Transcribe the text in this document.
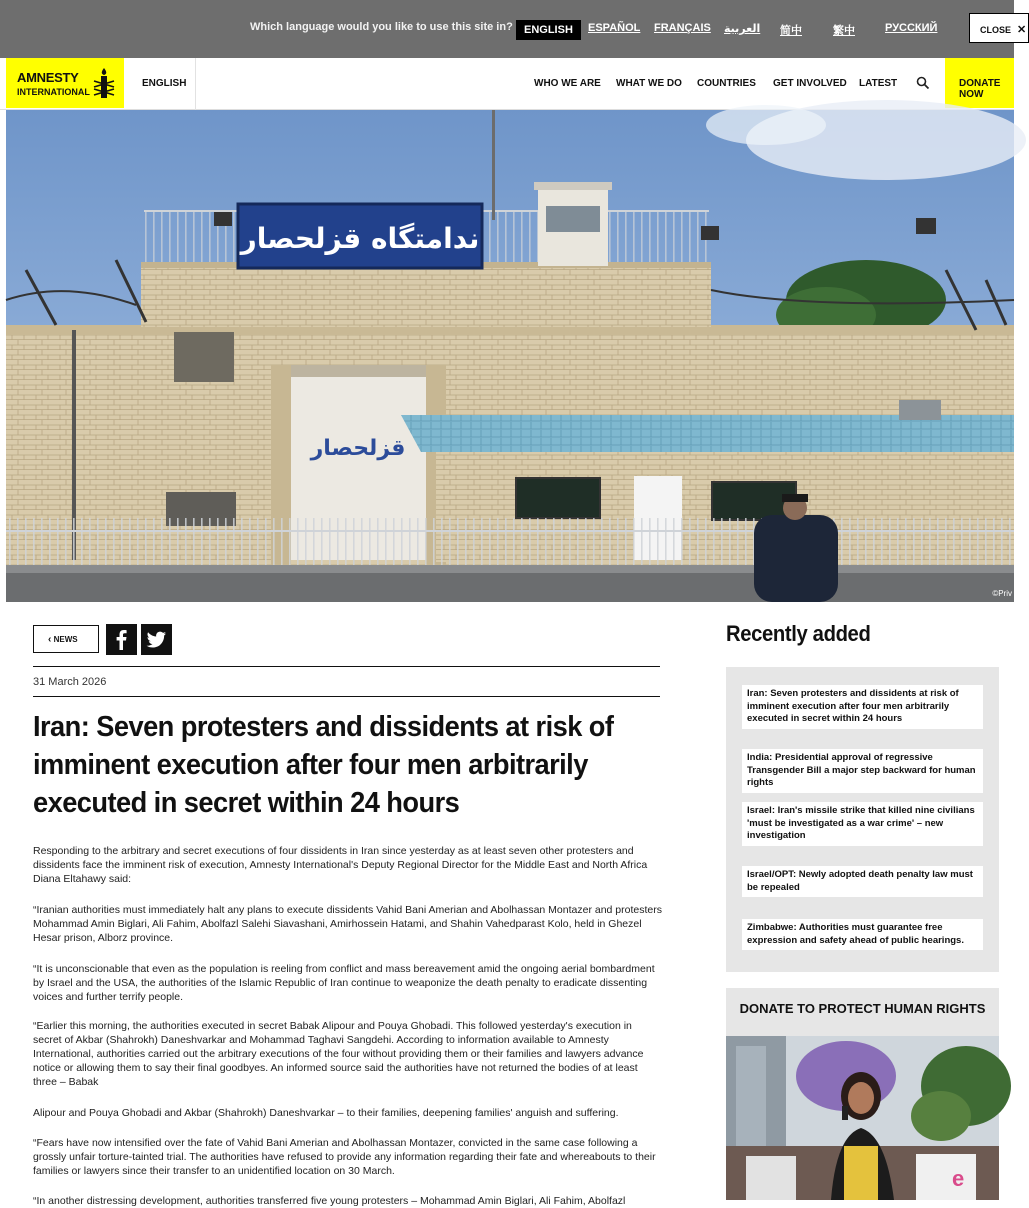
Which language would you like to use this site in?	ENGLISH	ESPAÑOL FRANÇAIS العربية 简中	繁中	РУССКИЙ	CLOSE ✕
AMNESTY
INTERNATIONAL
ENGLISH	WHO WE ARE WHAT WE DO COUNTRIES GET INVOLVED LATEST	DONATE NOW
ندامتگاه قزلحصار
قزلحصار
©Priv
‹ NEWS
31 March 2026
Iran: Seven protesters and dissidents at risk of imminent execution after four men arbitrarily executed in secret within 24 hours

Responding to the arbitrary and secret executions of four dissidents in Iran since yesterday as at least seven other protesters and dissidents face the imminent risk of execution, Amnesty International's Deputy Regional Director for the Middle East and North Africa Diana Eltahawy said:

“Iranian authorities must immediately halt any plans to execute dissidents Vahid Bani Amerian and Abolhassan Montazer and protesters Mohammad Amin Biglari, Ali Fahim, Abolfazl Salehi Siavashani, Amirhossein Hatami, and Shahin Vahedparast Kolo, held in Ghezel Hesar prison, Alborz province.

“It is unconscionable that even as the population is reeling from conflict and mass bereavement amid the ongoing aerial bombardment by Israel and the USA, the authorities of the Islamic Republic of Iran continue to weaponize the death penalty to eradicate dissenting voices and further terrify people.

“Earlier this morning, the authorities executed in secret Babak Alipour and Pouya Ghobadi. This followed yesterday's execution in secret of Akbar (Shahrokh) Daneshvarkar and Mohammad Taghavi Sangdehi. According to information available to Amnesty International, authorities carried out the arbitrary executions of the four without providing them or their families and lawyers advance notice or allowing them to say their final goodbyes. An informed source said the authorities have not returned the bodies of at least three – Babak

Alipour and Pouya Ghobadi and Akbar (Shahrokh) Daneshvarkar – to their families, deepening families' anguish and suffering.

“Fears have now intensified over the fate of Vahid Bani Amerian and Abolhassan Montazer, convicted in the same case following a grossly unfair torture-tainted trial. The authorities have refused to provide any information regarding their fate and whereabouts to their families or lawyers since their transfer to an unidentified location on 30 March.

“In another distressing development, authorities transferred five young protesters – Mohammad Amin Biglari, Ali Fahim, Abolfazl

Recently added
Iran: Seven protesters and dissidents at risk of imminent execution after four men arbitrarily executed in secret within 24 hours
India: Presidential approval of regressive Transgender Bill a major step backward for human rights
Israel: Iran's missile strike that killed nine civilians 'must be investigated as a war crime' – new investigation
Israel/OPT: Newly adopted death penalty law must be repealed
Zimbabwe: Authorities must guarantee free expression and safety ahead of public hearings.
DONATE TO PROTECT HUMAN RIGHTS
e
